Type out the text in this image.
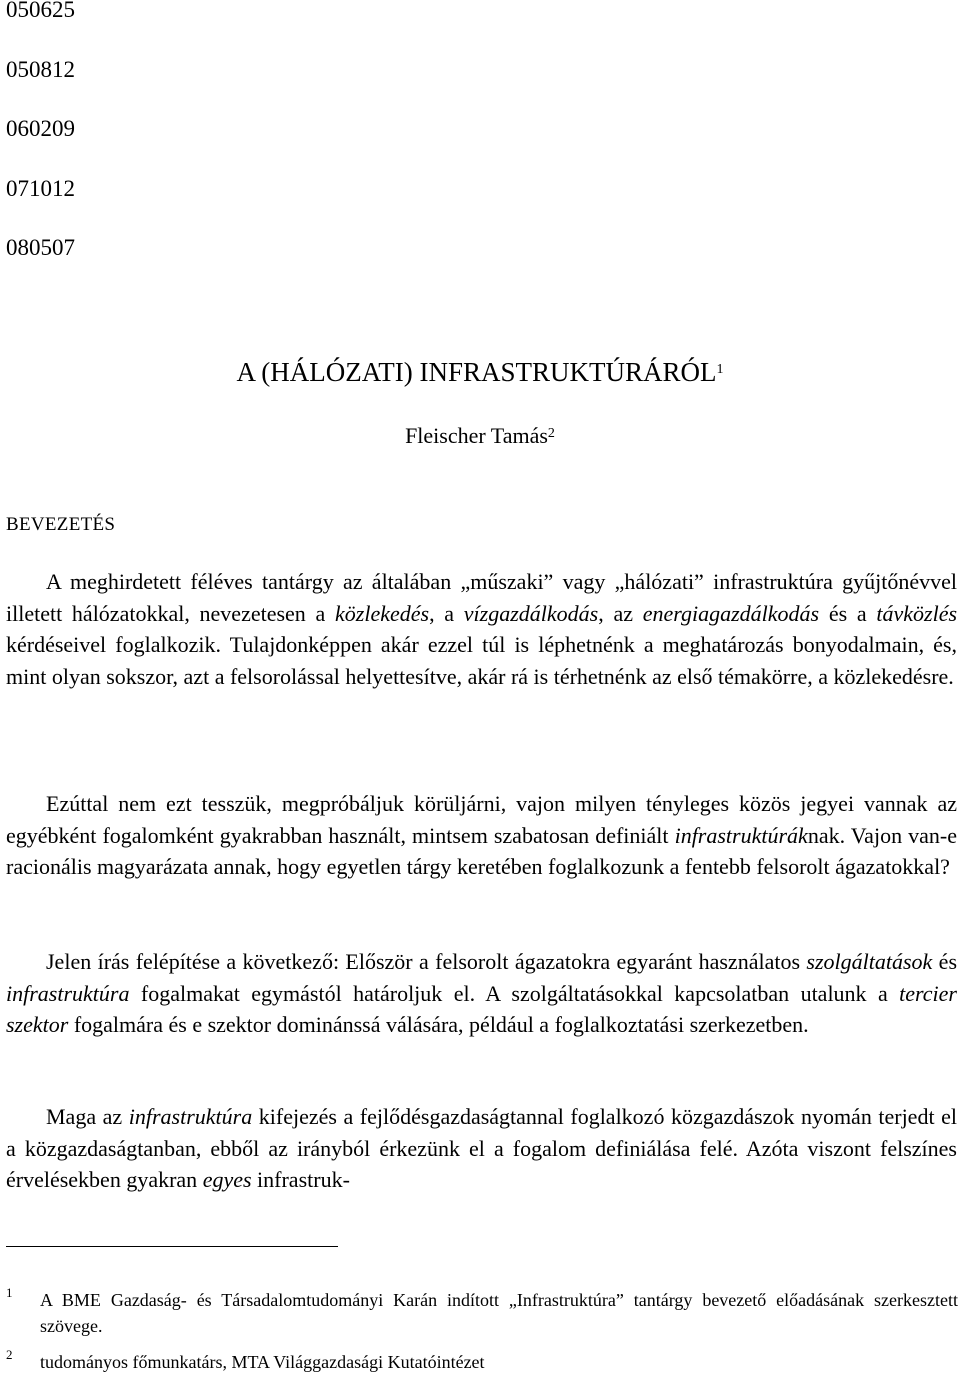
050625
050812
060209
071012
080507
A (HÁLÓZATI) INFRASTRUKTÚRÁRÓL$^1$
Fleischer Tamás$^2$
BEVEZETÉS

A meghirdetett féléves tantárgy az általában „műszaki” vagy „hálózati” infrastruktúra gyűjtőnévvel illetett hálózatokkal, nevezetesen a közlekedés, a vízgazdálkodás, az energiagazdálkodás és a távközlés kérdéseivel foglalkozik. Tulajdonképpen akár ezzel túl is léphetnénk a meghatározás bonyodalmain, és, mint olyan sokszor, azt a felsorolással helyettesítve, akár rá is térhetnénk az első témakörre, a közlekedésre.

Ezúttal nem ezt tesszük, megpróbáljuk körüljárni, vajon milyen tényleges közös jegyei vannak az egyébként fogalomként gyakrabban használt, mintsem szabatosan definiált infrastruktúráknak. Vajon van-e racionális magyarázata annak, hogy egyetlen tárgy keretében foglalkozunk a fentebb felsorolt ágazatokkal?

Jelen írás felépítése a következő: Először a felsorolt ágazatokra egyaránt használatos szolgáltatások és infrastruktúra fogalmakat egymástól határoljuk el. A szolgáltatásokkal kapcsolatban utalunk a tercier szektor fogalmára és e szektor dominánssá válására, például a foglalkoztatási szerkezetben.

Maga az infrastruktúra kifejezés a fejlődésgazdaságtannal foglalkozó közgazdászok nyomán terjedt el a közgazdaságtanban, ebből az irányból érkezünk el a fogalom definiálása felé. Azóta viszont felszínes érvelésekben gyakran egyes infrastruk-

1 A BME Gazdaság- és Társadalomtudományi Karán indított „Infrastruktúra” tantárgy bevezető előadásának szerkesztett szövege.
2 tudományos főmunkatárs, MTA Világgazdasági Kutatóintézet
